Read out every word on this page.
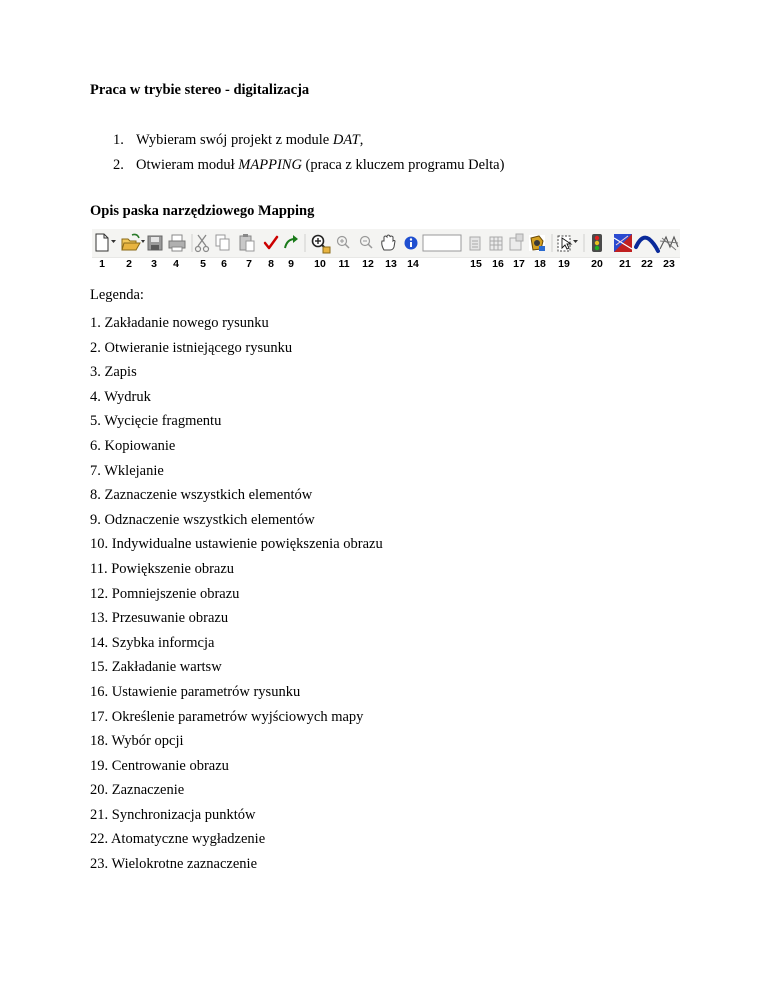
Praca w trybie stereo - digitalizacja
1. Wybieram swój projekt z module DAT,
2. Otwieram moduł MAPPING (praca z kluczem programu Delta)
Opis paska narzędziowego Mapping
1 2 3 4 5 6 7 8 9 10 11 12 13 14	15 16 17 18 19 20 21 22 23
Legenda:
1. Zakładanie nowego rysunku
2. Otwieranie istniejącego rysunku
3. Zapis
4. Wydruk
5. Wycięcie fragmentu
6. Kopiowanie
7. Wklejanie
8. Zaznaczenie wszystkich elementów
9. Odznaczenie wszystkich elementów
10. Indywidualne ustawienie powiększenia obrazu
11. Powiększenie obrazu
12. Pomniejszenie obrazu
13. Przesuwanie obrazu
14. Szybka informcja
15. Zakładanie wartsw
16. Ustawienie parametrów rysunku
17. Określenie parametrów wyjściowych mapy
18. Wybór opcji
19. Centrowanie obrazu
20. Zaznaczenie
21. Synchronizacja punktów
22. Atomatyczne wygładzenie
23. Wielokrotne zaznaczenie
